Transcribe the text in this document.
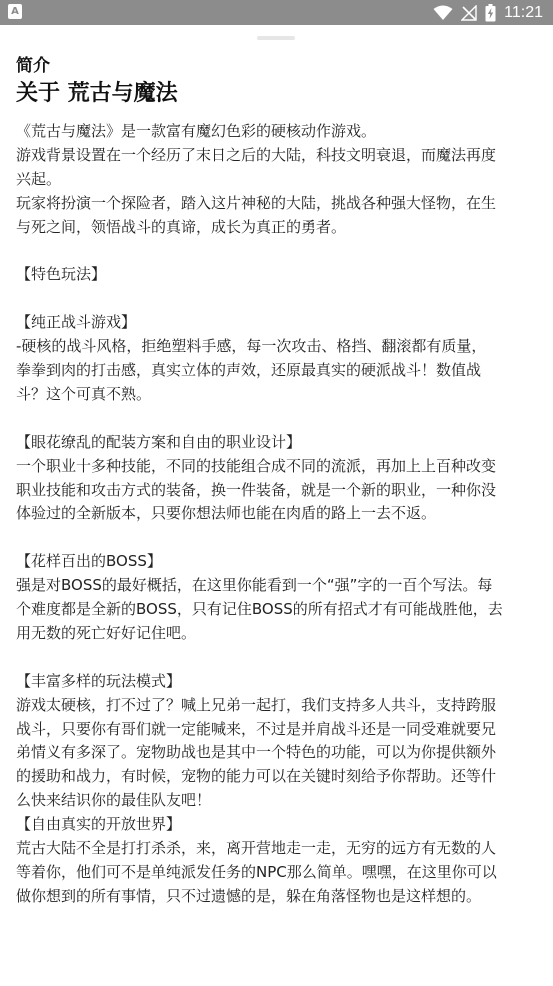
A	11:21
简介
关于 荒古与魔法
《荒古与魔法》是一款富有魔幻色彩的硬核动作游戏。
游戏背景设置在一个经历了末日之后的大陆，科技文明衰退，而魔法再度
兴起。
玩家将扮演一个探险者，踏入这片神秘的大陆，挑战各种强大怪物，在生
与死之间，领悟战斗的真谛，成长为真正的勇者。
【特色玩法】
【纯正战斗游戏】
-硬核的战斗风格，拒绝塑料手感，每一次攻击、格挡、翻滚都有质量，
拳拳到肉的打击感，真实立体的声效，还原最真实的硬派战斗！数值战
斗？这个可真不熟。
【眼花缭乱的配装方案和自由的职业设计】
一个职业十多种技能，不同的技能组合成不同的流派，再加上上百种改变
职业技能和攻击方式的装备，换一件装备，就是一个新的职业，一种你没
体验过的全新版本，只要你想法师也能在肉盾的路上一去不返。
【花样百出的BOSS】
强是对BOSS的最好概括，在这里你能看到一个“强”字的一百个写法。每
个难度都是全新的BOSS，只有记住BOSS的所有招式才有可能战胜他，去
用无数的死亡好好记住吧。
【丰富多样的玩法模式】
游戏太硬核，打不过了？喊上兄弟一起打，我们支持多人共斗，支持跨服
战斗，只要你有哥们就一定能喊来，不过是并肩战斗还是一同受难就要兄
弟情义有多深了。宠物助战也是其中一个特色的功能，可以为你提供额外
的援助和战力，有时候，宠物的能力可以在关键时刻给予你帮助。还等什
么快来结识你的最佳队友吧！
【自由真实的开放世界】
荒古大陆不全是打打杀杀，来，离开营地走一走，无穷的远方有无数的人
等着你，他们可不是单纯派发任务的NPC那么简单。嘿嘿，在这里你可以
做你想到的所有事情，只不过遗憾的是，躲在角落怪物也是这样想的。
